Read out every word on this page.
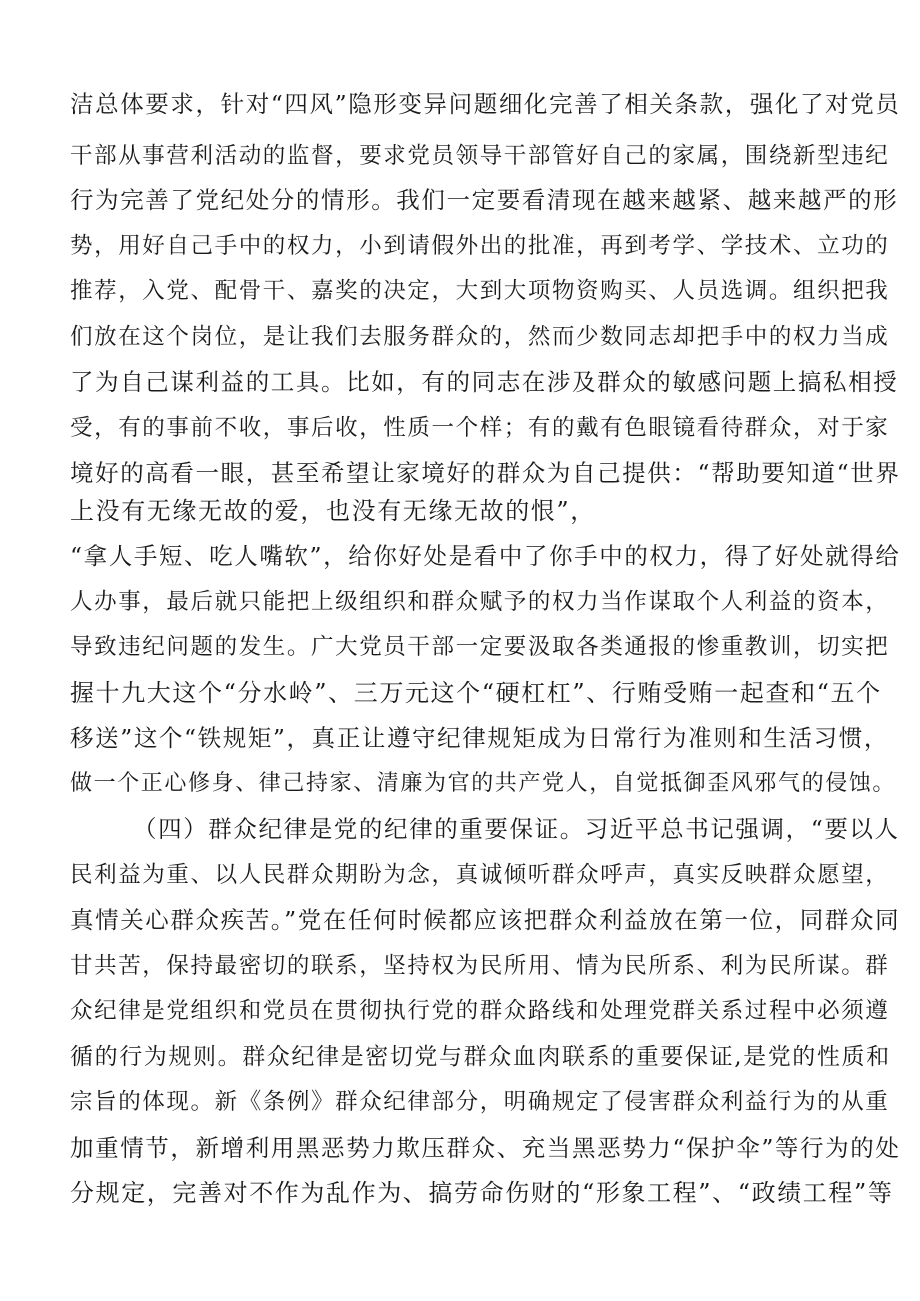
洁总体要求，针对“四风”隐形变异问题细化完善了相关条款，强化了对党员
干部从事营利活动的监督，要求党员领导干部管好自己的家属，围绕新型违纪
行为完善了党纪处分的情形。我们一定要看清现在越来越紧、越来越严的形
势，用好自己手中的权力，小到请假外出的批准，再到考学、学技术、立功的
推荐，入党、配骨干、嘉奖的决定，大到大项物资购买、人员选调。组织把我
们放在这个岗位，是让我们去服务群众的，然而少数同志却把手中的权力当成
了为自己谋利益的工具。比如，有的同志在涉及群众的敏感问题上搞私相授
受，有的事前不收，事后收，性质一个样；有的戴有色眼镜看待群众，对于家
境好的高看一眼，甚至希望让家境好的群众为自己提供：“帮助要知道“世界
上没有无缘无故的爱，也没有无缘无故的恨”，
“拿人手短、吃人嘴软”，给你好处是看中了你手中的权力，得了好处就得给
人办事，最后就只能把上级组织和群众赋予的权力当作谋取个人利益的资本，
导致违纪问题的发生。广大党员干部一定要汲取各类通报的惨重教训，切实把
握十九大这个“分水岭”、三万元这个“硬杠杠”、行贿受贿一起查和“五个
移送”这个“铁规矩”，真正让遵守纪律规矩成为日常行为准则和生活习惯，
做一个正心修身、律己持家、清廉为官的共产党人，自觉抵御歪风邪气的侵蚀。
（四）群众纪律是党的纪律的重要保证。习近平总书记强调，“要以人
民利益为重、以人民群众期盼为念，真诚倾听群众呼声，真实反映群众愿望，
真情关心群众疾苦。”党在任何时候都应该把群众利益放在第一位，同群众同
甘共苦，保持最密切的联系，坚持权为民所用、情为民所系、利为民所谋。群
众纪律是党组织和党员在贯彻执行党的群众路线和处理党群关系过程中必须遵
循的行为规则。群众纪律是密切党与群众血肉联系的重要保证,是党的性质和
宗旨的体现。新《条例》群众纪律部分，明确规定了侵害群众利益行为的从重
加重情节，新增利用黑恶势力欺压群众、充当黑恶势力“保护伞”等行为的处
分规定，完善对不作为乱作为、搞劳命伤财的“形象工程”、“政绩工程”等
